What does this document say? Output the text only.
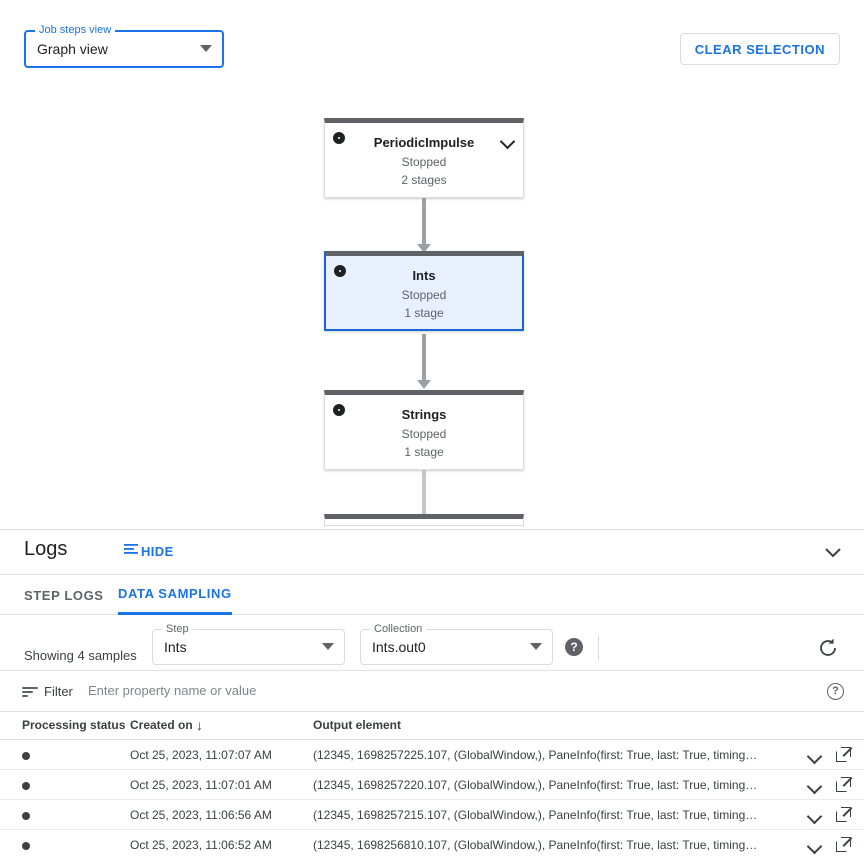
Job steps view
Graph view	CLEAR SELECTION
PeriodicImpulse
Stopped
2 stages
Ints
Stopped
1 stage
Strings
Stopped
1 stage
Logs	HIDE
STEP LOGS DATA SAMPLING
Showing 4 samples
Step
Ints
Collection
Ints.out0	?
Filter
Enter property name or value	?
Processing status Created on ↓	Output element
Oct 25, 2023, 11:07:07 AM	(12345, 1698257225.107, (GlobalWindow,), PaneInfo(first: True, last: True, timing…
Oct 25, 2023, 11:07:01 AM	(12345, 1698257220.107, (GlobalWindow,), PaneInfo(first: True, last: True, timing…
Oct 25, 2023, 11:06:56 AM	(12345, 1698257215.107, (GlobalWindow,), PaneInfo(first: True, last: True, timing…
Oct 25, 2023, 11:06:52 AM	(12345, 1698256810.107, (GlobalWindow,), PaneInfo(first: True, last: True, timing…
